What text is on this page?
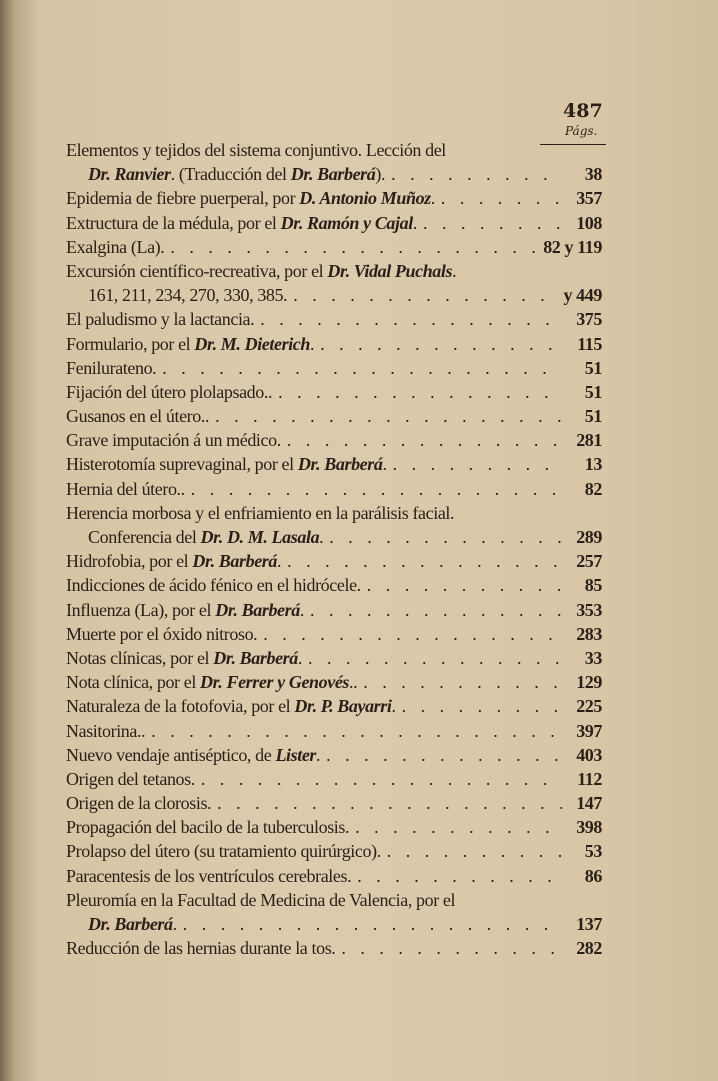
487
Págs.
Elementos y tejidos del sistema conjuntivo. Lección del
Dr. Ranvier. (Traducción del Dr. Barberá). . . .	38
Epidemia de fiebre puerperal, por D. Antonio Muñoz. . . .	357
Extructura de la médula, por el Dr. Ramón y Cajal. . . .	108
Exalgina (La). . . .	82 y 119
Excursión científico-recreativa, por el Dr. Vidal Puchals.
161, 211, 234, 270, 330, 385. . . .	y 449
El paludismo y la lactancia. . . .	375
Formulario, por el Dr. M. Dieterich. . . .	115
Feniluratenо. . . .	51
Fijación del útero plolapsado.. . . .	51
Gusanos en el útero.. . . .	51
Grave imputación á un médico. . . .	281
Histerotomía suprevaginal, por el Dr. Barberá. . . .	13
Hernia del útero.. . . .	82
Herencia morbosa y el enfriamiento en la parálisis facial.
Conferencia del Dr. D. M. Lasala. . . .	289
Hidrofobia, por el Dr. Barberá. . . .	257
Indicciones de ácido fénico en el hidrócele. . . .	85
Influenza (La), por el Dr. Barberá. . . .	353
Muerte por el óxido nitroso. . . .	283
Notas clínicas, por el Dr. Barberá. . . .	33
Nota clínica, por el Dr. Ferrer y Genovés.. . . .	129
Naturaleza de la fotofovia, por el Dr. P. Bayarri. . . .	225
Nasitorina.. . . .	397
Nuevo vendaje antiséptico, de Lister. . . .	403
Origen del tetanos. . . .	112
Origen de la clorosis. . . .	147
Propagación del bacilo de la tuberculosis. . . .	398
Prolapso del útero (su tratamiento quirúrgico). . . .	53
Paracentesis de los ventrículos cerebrales. . . .	86
Pleuromía en la Facultad de Medicina de Valencia, por el
Dr. Barberá. . . .	137
Reducción de las hernias durante la tos. . . .	282
